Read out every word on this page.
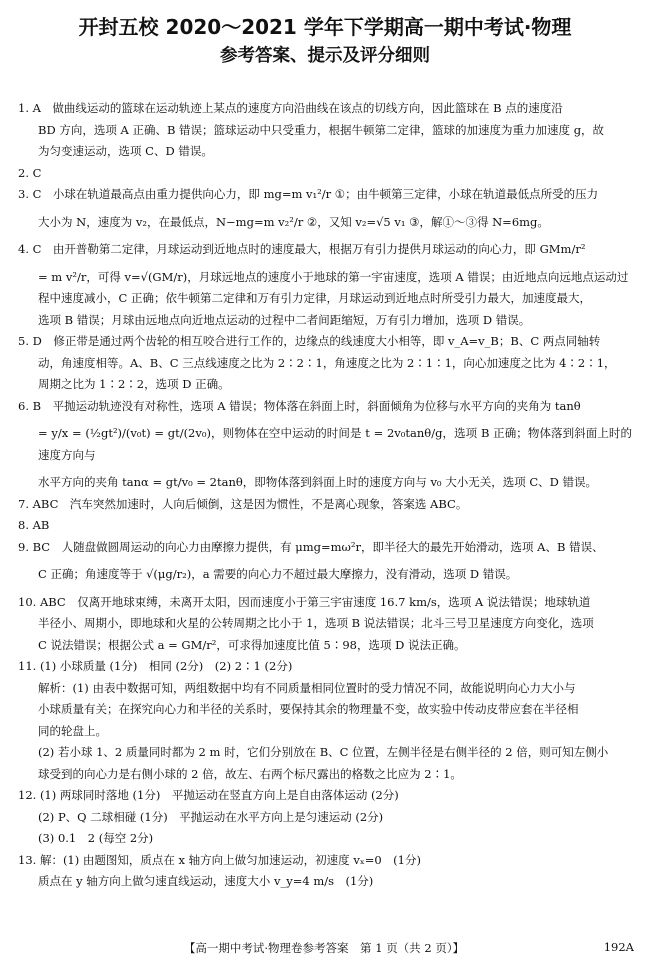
开封五校 2020～2021 学年下学期高一期中考试·物理
参考答案、提示及评分细则

1. A　做曲线运动的篮球在运动轨迹上某点的速度方向沿曲线在该点的切线方向，因此篮球在 B 点的速度沿

BD 方向，选项 A 正确、B 错误；篮球运动中只受重力，根据牛顿第二定律，篮球的加速度为重力加速度 g，故

为匀变速运动，选项 C、D 错误。

2. C

3. C　小球在轨道最高点由重力提供向心力，即 mg=m v₁²/r ①；由牛顿第三定律，小球在轨道最低点所受的压力

大小为 N，速度为 v₂，在最低点，N−mg=m v₂²/r ②，又知 v₂=√5 v₁ ③，解①～③得 N=6mg。

4. C　由开普勒第二定律，月球运动到近地点时的速度最大，根据万有引力提供月球运动的向心力，即 GMm/r²

= m v²/r，可得 v=√(GM/r)，月球远地点的速度小于地球的第一宇宙速度，选项 A 错误；由近地点向远地点运动过

程中速度减小，C 正确；依牛顿第二定律和万有引力定律，月球运动到近地点时所受引力最大，加速度最大，

选项 B 错误；月球由远地点向近地点运动的过程中二者间距缩短，万有引力增加，选项 D 错误。

5. D　修正带是通过两个齿轮的相互咬合进行工作的，边缘点的线速度大小相等，即 v_A=v_B；B、C 两点同轴转

动，角速度相等。A、B、C 三点线速度之比为 2∶2∶1，角速度之比为 2∶1∶1，向心加速度之比为 4∶2∶1，

周期之比为 1∶2∶2，选项 D 正确。

6. B　平抛运动轨迹没有对称性，选项 A 错误；物体落在斜面上时，斜面倾角为位移与水平方向的夹角为 tanθ

= y/x = (½gt²)/(v₀t) = gt/(2v₀)，则物体在空中运动的时间是 t = 2v₀tanθ/g，选项 B 正确；物体落到斜面上时的速度方向与

水平方向的夹角 tanα = gt/v₀ = 2tanθ，即物体落到斜面上时的速度方向与 v₀ 大小无关，选项 C、D 错误。

7. ABC　汽车突然加速时，人向后倾倒，这是因为惯性，不是离心现象，答案选 ABC。

8. AB

9. BC　人随盘做圆周运动的向心力由摩擦力提供，有 μmg=mω²r，即半径大的最先开始滑动，选项 A、B 错误、

C 正确；角速度等于 √(μg/r₂)，a 需要的向心力不超过最大摩擦力，没有滑动，选项 D 错误。

10. ABC　仅离开地球束缚，未离开太阳，因而速度小于第三宇宙速度 16.7 km/s，选项 A 说法错误；地球轨道

半径小、周期小，即地球和火星的公转周期之比小于 1，选项 B 说法错误；北斗三号卫星速度方向变化，选项

C 说法错误；根据公式 a = GM/r²，可求得加速度比值 5∶98，选项 D 说法正确。

11. (1) 小球质量 (1分)　相同 (2分)　(2) 2∶1 (2分)

解析：(1) 由表中数据可知，两组数据中均有不同质量相同位置时的受力情况不同，故能说明向心力大小与

小球质量有关；在探究向心力和半径的关系时，要保持其余的物理量不变，故实验中传动皮带应套在半径相

同的轮盘上。

(2) 若小球 1、2 质量同时都为 2 m 时，它们分别放在 B、C 位置，左侧半径是右侧半径的 2 倍，则可知左侧小

球受到的向心力是右侧小球的 2 倍，故左、右两个标尺露出的格数之比应为 2∶1。

12. (1) 两球同时落地 (1分)　平抛运动在竖直方向上是自由落体运动 (2分)

(2) P、Q 二球相碰 (1分)　平抛运动在水平方向上是匀速运动 (2分)

(3) 0.1　2 (每空 2分)

13. 解：(1) 由题图知，质点在 x 轴方向上做匀加速运动，初速度 vₓ=0　(1分)

质点在 y 轴方向上做匀速直线运动，速度大小 v_y=4 m/s　(1分)

【高一期中考试·物理卷参考答案　第 1 页（共 2 页）】	192A
